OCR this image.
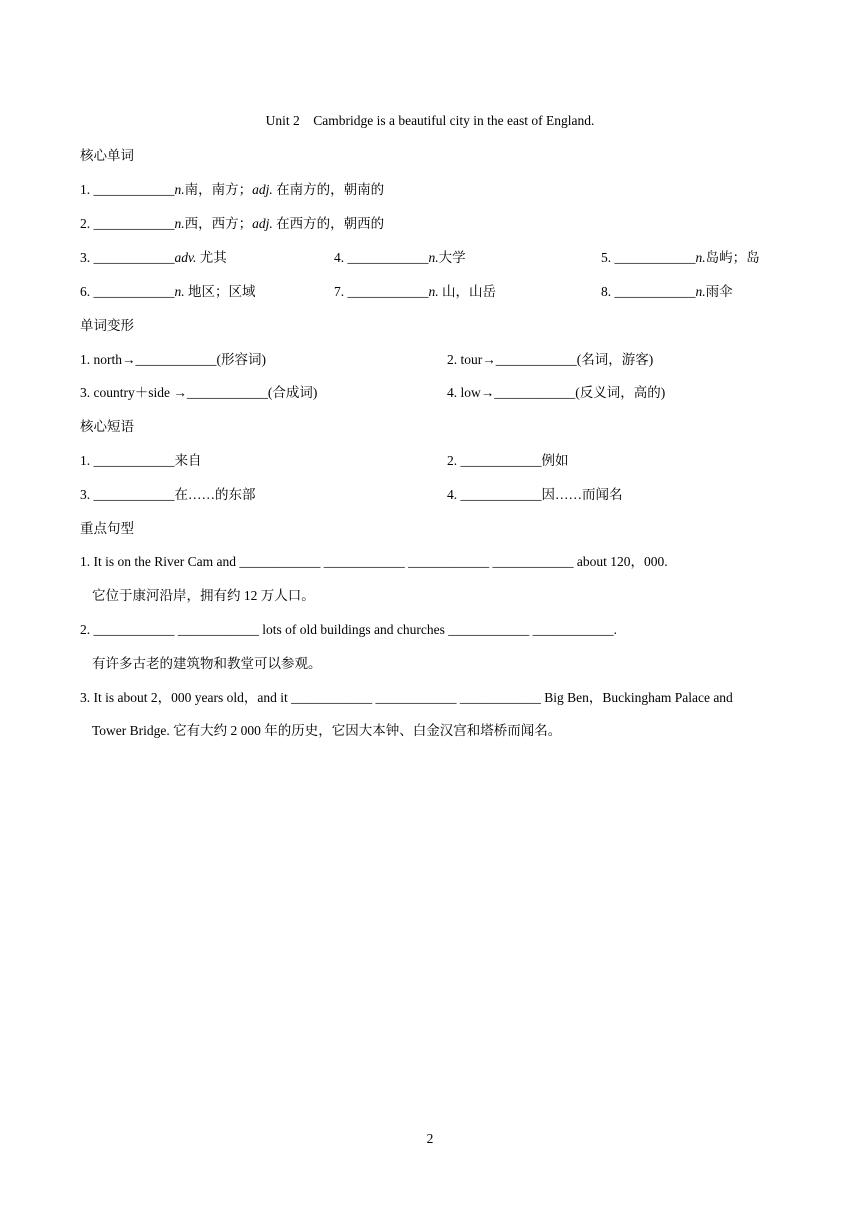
Unit 2　Cambridge is a beautiful city in the east of England.
核心单词
1. ____________n.南，南方；adj. 在南方的，朝南的
2. ____________n.西，西方；adj. 在西方的，朝西的
3. ____________adv. 尤其	4. ____________n.大学	5. ____________n.岛屿；岛
6. ____________n. 地区；区域	7. ____________n. 山，山岳	8. ____________n.雨伞
单词变形
1. north→____________(形容词)	2. tour→____________(名词，游客)
3. country＋side →____________(合成词)	4. low→____________(反义词，高的)
核心短语
1. ____________来自	2. ____________例如
3. ____________在……的东部	4. ____________因……而闻名
重点句型
1. It is on the River Cam and ____________ ____________ ____________ ____________ about 120，000.
它位于康河沿岸，拥有约 12 万人口。
2. ____________ ____________ lots of old buildings and churches ____________ ____________.
有许多古老的建筑物和教堂可以参观。
3. It is about 2，000 years old，and it ____________ ____________ ____________ Big Ben，Buckingham Palace and
Tower Bridge. 它有大约 2 000 年的历史，它因大本钟、白金汉宫和塔桥而闻名。
2
